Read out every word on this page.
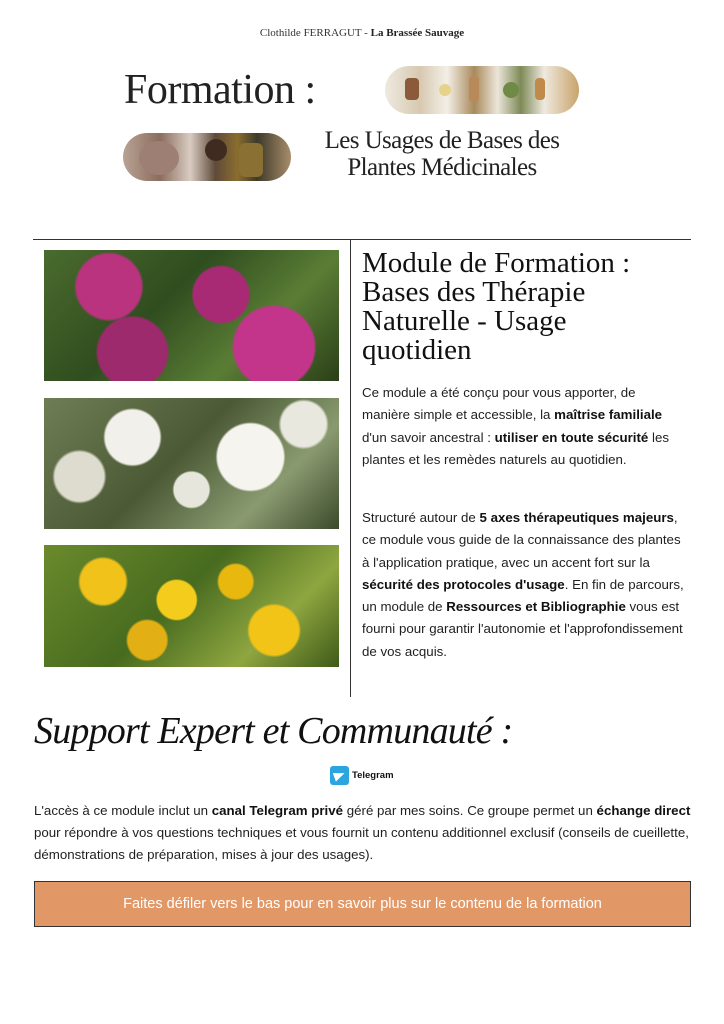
Clothilde FERRAGUT - La Brassée Sauvage
Formation :
Les Usages de Bases des
Plantes Médicinales
Module de Formation : Bases des Thérapie Naturelle - Usage quotidien
Ce module a été conçu pour vous apporter, de manière simple et accessible, la maîtrise familiale d'un savoir ancestral : utiliser en toute sécurité les plantes et les remèdes naturels au quotidien.
Structuré autour de 5 axes thérapeutiques majeurs, ce module vous guide de la connaissance des plantes à l'application pratique, avec un accent fort sur la sécurité des protocoles d'usage. En fin de parcours, un module de Ressources et Bibliographie vous est fourni pour garantir l'autonomie et l'approfondissement de vos acquis.
Support Expert et Communauté :
Telegram
L'accès à ce module inclut un canal Telegram privé géré par mes soins. Ce groupe permet un échange direct pour répondre à vos questions techniques et vous fournit un contenu additionnel exclusif (conseils de cueillette, démonstrations de préparation, mises à jour des usages).
Faites défiler vers le bas pour en savoir plus sur le contenu de la formation
